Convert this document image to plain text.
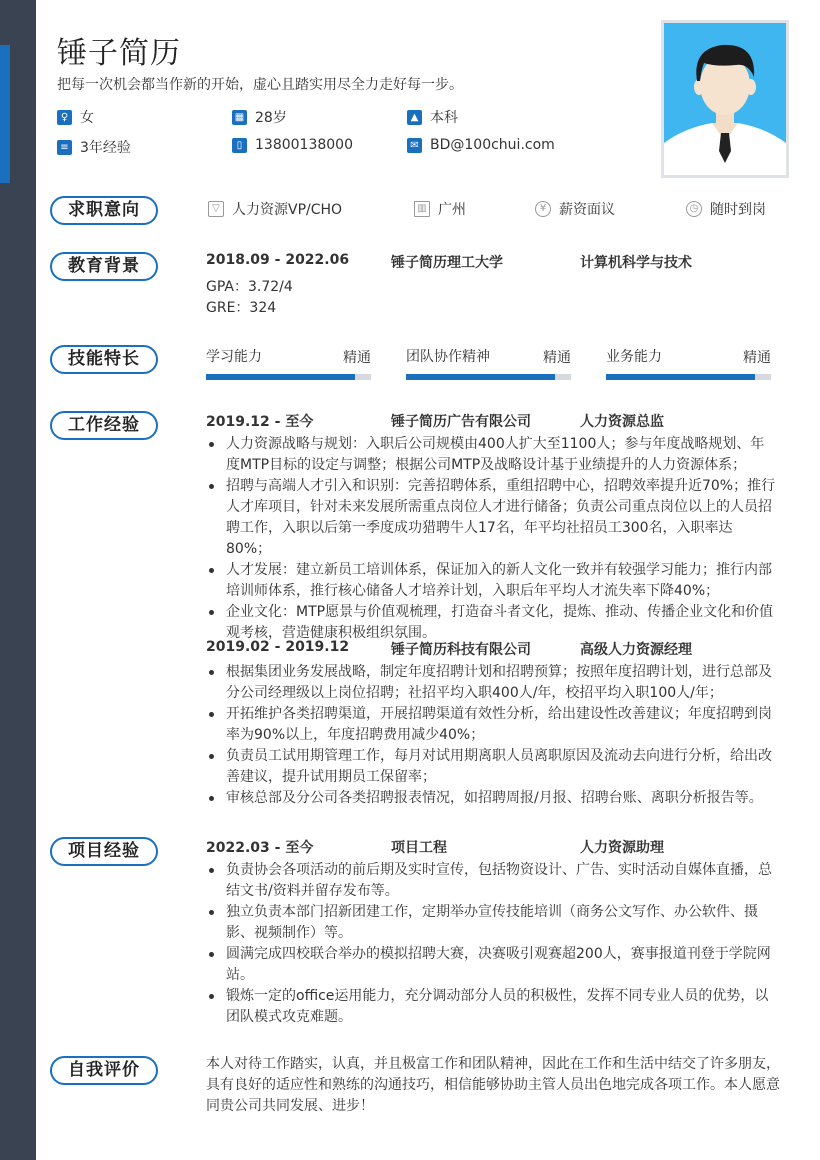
锤子简历
把每一次机会都当作新的开始，虚心且踏实用尽全力走好每一步。
♀ 女	▦ 28岁	▲ 本科
≡ 3年经验	▯ 13800138000	✉ BD@100chui.com
求职意向	▽ 人力资源VP/CHO	▥ 广州	¥ 薪资面议	◷ 随时到岗
教育背景	2018.09 - 2022.06	锤子简历理工大学	计算机科学与技术
GPA：3.72/4
GRE：324
技能特长	学习能力	精通	团队协作精神	精通	业务能力	精通
工作经验	2019.12 - 至今	锤子简历广告有限公司	人力资源总监
人力资源战略与规划：入职后公司规模由400人扩大至1100人；参与年度战略规划、年度MTP目标的设定与调整；根据公司MTP及战略设计基于业绩提升的人力资源体系；
招聘与高端人才引入和识别：完善招聘体系，重组招聘中心，招聘效率提升近70%；推行人才库项目，针对未来发展所需重点岗位人才进行储备；负责公司重点岗位以上的人员招聘工作，入职以后第一季度成功猎聘牛人17名，年平均社招员工300名，入职率达80%；
人才发展：建立新员工培训体系，保证加入的新人文化一致并有较强学习能力；推行内部培训师体系，推行核心储备人才培养计划，入职后年平均人才流失率下降40%；
企业文化：MTP愿景与价值观梳理，打造奋斗者文化，提炼、推动、传播企业文化和价值观考核，营造健康积极组织氛围。
2019.02 - 2019.12	锤子简历科技有限公司	高级人力资源经理
根据集团业务发展战略，制定年度招聘计划和招聘预算；按照年度招聘计划，进行总部及分公司经理级以上岗位招聘；社招平均入职400人/年，校招平均入职100人/年；
开拓维护各类招聘渠道，开展招聘渠道有效性分析，给出建设性改善建议；年度招聘到岗率为90%以上，年度招聘费用减少40%；
负责员工试用期管理工作，每月对试用期离职人员离职原因及流动去向进行分析，给出改善建议，提升试用期员工保留率；
审核总部及分公司各类招聘报表情况，如招聘周报/月报、招聘台账、离职分析报告等。
项目经验	2022.03 - 至今	项目工程	人力资源助理
负责协会各项活动的前后期及实时宣传，包括物资设计、广告、实时活动自媒体直播，总结文书/资料并留存发布等。
独立负责本部门招新团建工作，定期举办宣传技能培训（商务公文写作、办公软件、摄影、视频制作）等。
圆满完成四校联合举办的模拟招聘大赛，决赛吸引观赛超200人，赛事报道刊登于学院网站。
锻炼一定的office运用能力，充分调动部分人员的积极性，发挥不同专业人员的优势，以团队模式攻克难题。
自我评价	本人对待工作踏实，认真，并且极富工作和团队精神，因此在工作和生活中结交了许多朋友，具有良好的适应性和熟练的沟通技巧，相信能够协助主管人员出色地完成各项工作。本人愿意同贵公司共同发展、进步！
